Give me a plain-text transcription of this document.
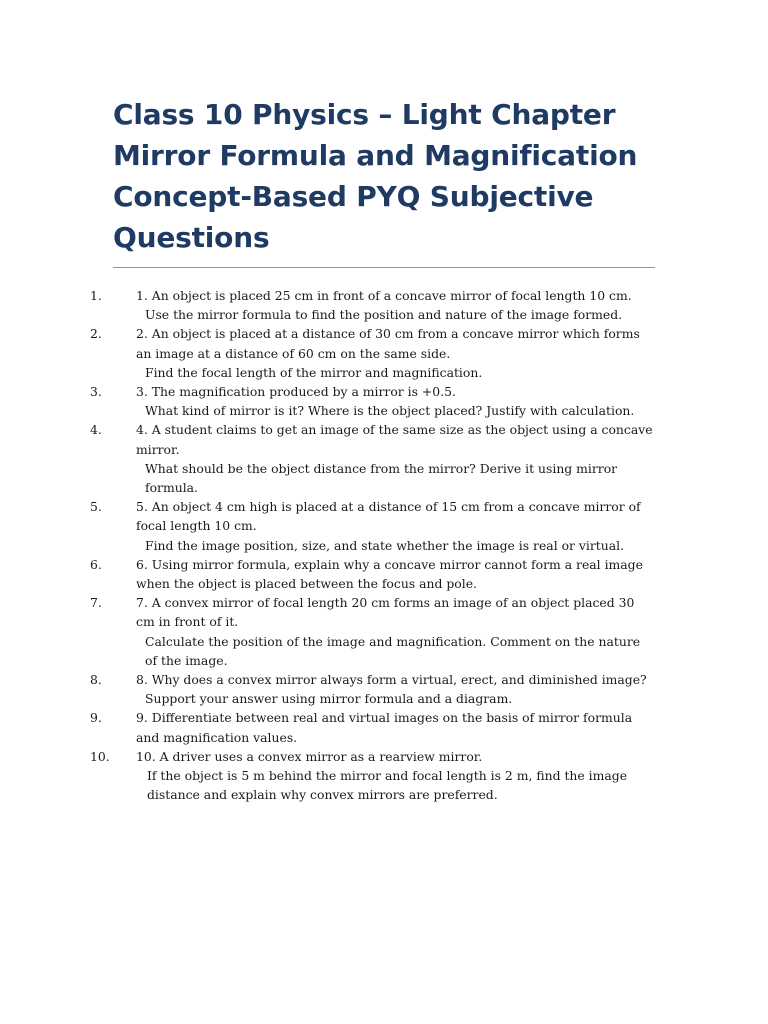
Class 10 Physics – Light Chapter
Mirror Formula and Magnification
Concept-Based PYQ Subjective
Questions
1.	1. An object is placed 25 cm in front of a concave mirror of focal length 10 cm.
Use the mirror formula to find the position and nature of the image formed.
2.	2. An object is placed at a distance of 30 cm from a concave mirror which forms an image at a distance of 60 cm on the same side.
Find the focal length of the mirror and magnification.
3.	3. The magnification produced by a mirror is +0.5.
What kind of mirror is it? Where is the object placed? Justify with calculation.
4.	4. A student claims to get an image of the same size as the object using a concave mirror.
What should be the object distance from the mirror? Derive it using mirror formula.
5.	5. An object 4 cm high is placed at a distance of 15 cm from a concave mirror of focal length 10 cm.
Find the image position, size, and state whether the image is real or virtual.
6.	6. Using mirror formula, explain why a concave mirror cannot form a real image when the object is placed between the focus and pole.
7.	7. A convex mirror of focal length 20 cm forms an image of an object placed 30 cm in front of it.
Calculate the position of the image and magnification. Comment on the nature of the image.
8.	8. Why does a convex mirror always form a virtual, erect, and diminished image?
Support your answer using mirror formula and a diagram.
9.	9. Differentiate between real and virtual images on the basis of mirror formula and magnification values.
10.	10. A driver uses a convex mirror as a rearview mirror.
If the object is 5 m behind the mirror and focal length is 2 m, find the image distance and explain why convex mirrors are preferred.
